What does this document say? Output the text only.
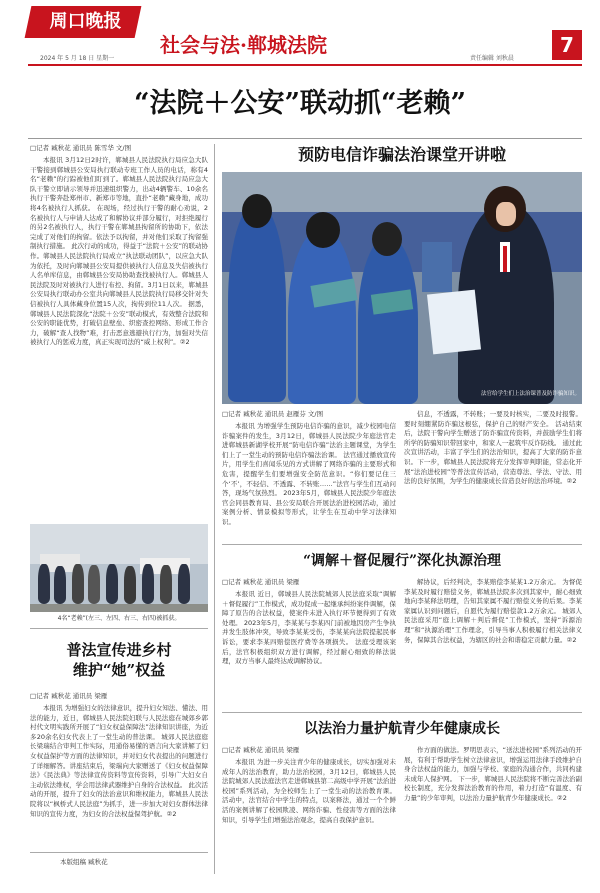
周口晚报
社会与法·郸城法院	7
2024 年 5 月 18 日 星期一	责任编辑 刘秋晨
“法院＋公安”联动抓“老赖”
□记者 臧秋花 通讯员 陈雪华 文/图

本报讯 3月12日2时许，郸城县人民法院执行局应急大队干警接到郸城县公安局执行联动专班工作人员的电话，称有4名“老赖”的行踪被他们盯到了。郸城县人民法院执行局应急大队干警立即请示领导并迅速组织警力，出动4辆警车、10余名执行干警奔赴郑州市、新郑市等地，直扑“老赖”藏身地，成功将4名被执行人抓获。 在现场，经过执行干警的耐心劝说，2名被执行人与申请人达成了和解协议并部分履行，对拒绝履行的另2名被执行人，执行干警在郸城县拘留所的协助下，依法完成了对他们的拘留。依法予以拘留，并对他们采取了拘留强制执行措施。 此次行动的成功，得益于“法院＋公安”的联动协作。郸城县人民法院执行局成立“执法联动团队”，以应急大队为依托，及时向郸城县公安局提供被执行人信息及失信被执行人名单库信息，由郸城县公安局协助查找被执行人。郸城县人民法院及时对被执行人进行布控、拘留。3月1日以来，郸城县公安局执行联动办公室共向郸城县人民法院执行局移交针对失信被执行人具体藏身位置15人次，拘传到位11人次。 据悉，郸城县人民法院深化“法院＋公安”联动模式，有效整合法院和公安的职能优势，打破信息壁垒、织密查控网络、形成工作合力，破解“查人找物”难，打击恶意逃避执行行为，加强对失信被执行人的惩戒力度，真正实现司法的“威上权利”。②2

4名“老赖”(左三、左四、右三、右四)被抓获。
普法宣传进乡村
维护“她”权益
□记者 臧秋花 通讯员 梁雁

本报讯 为增强妇女的法律意识，提升妇女知法、懂法、用法的能力，近日，郸城县人民法院妇联与人民法庭在城郊乡郭村代文明实践所开展了“妇女权益保障法”法律知识讲座，为近多20余名妇女代表上了一堂生动的普法课。 城郊人民法庭庭长梁瑞结合审判工作实际，用通俗易懂的语言向大家讲解了妇女权益保护等方面的法律知识，并对妇女代表提出的问题进行了详细解答。讲座结束后，梁瑞向大家赠送了《妇女权益保障法》《民法典》等法律宣传资料等宣传资料，引导广大妇女自主动依法维权，学会用法律武器维护自身的合法权益。 此次活动的开展，提升了妇女的法治意识和维权能力，郸城县人民法院将以“枫桥式人民法庭”为抓手，进一步加大对妇女群体法律知识的宣传力度，为妇女的合法权益保驾护航。②2

本版组稿 臧秋花
预防电信诈骗法治课堂开讲啦
法官给学生们上法治课普及防诈骗知识。
□记者 臧秋花 通讯员 赵雁芬 文/图

本报讯 为增强学生预防电信诈骗的意识，减少校园电信诈骗案件的发生，3月12日，郸城县人民法院少年庭法官走进郸城县新湖学校开展“防电信诈骗”法治主题课堂，为学生们上了一堂生动的预防电信诈骗法治课。 法官通过播放宣传片，用学生们喜闻乐见的方式讲解了网络诈骗的主要形式和危害，提醒学生们要增强安全防范意识。“你们要记住三个‘不’，不轻信、不透露、不转账……”法官与学生们互动问答，现场气氛热烈。 2023年5月，郸城县人民法院少年庭法官会同县教育局、县公安局联合开展法治进校园活动，通过案例分析、情景模拟等形式，让学生在互动中学习法律知识。

信息，不透露，不转账；一要及时核实，二要及时报警。要时刻绷紧防诈骗这根弦，保护自己的财产安全。 活动结束后，法院干警向学生赠送了防诈骗宣传资料，并鼓励学生们将所学的防骗知识带回家中，和家人一起筑牢反诈防线。 通过此次宣讲活动，丰富了学生们的法治知识，提高了大家的防诈意识。下一步，郸城县人民法院将充分发挥审判职能，常态化开展“法治进校园”等普法宣传活动，营造尊法、学法、守法、用法的良好氛围，为学生的健康成长营造良好的法治环境。②2

“调解＋督促履行”深化执源治理
□记者 臧秋花 通讯员 梁雁

本报讯 近日，郸城县人民法院城郊人民法庭采取“调解＋督促履行”工作模式，成功促成一起继承纠纷案件调解，保障了原告的合法权益，使案件未进入执行环节便得到了有效处理。 2023年5月，李某某与李某四门前被地因房产生争执并发生肢体冲突，导致李某某受伤，李某某向法院提起民事诉讼，要求李某四赔偿医疗费等各项损失。 法庭受理该案后，法官积极组织双方进行调解，经过耐心细致的释法说理，双方当事人最终达成调解协议。

解协议，后经判决，李某赔偿李某某1.2万余元。 为督促李某及时履行赔偿义务，郸城县法院多次到其家中，耐心细致地向李某释法明理，告知其家属不履行赔偿义务的后果。李某家属认识到问题后，自愿代为履行赔偿款1.2万余元。 城郊人民法庭采用“庭上调解＋判后督促”工作模式，坚持“诉源治理”和“执源治理”工作理念，引导当事人积极履行相关法律义务，保障其合法权益，为辖区的社会和谐稳定贡献力量。②2

以法治力量护航青少年健康成长
□记者 臧秋花 通讯员 梁雁

本报讯 为进一步关注青少年的健康成长，切实加强对未成年人的法治教育，助力法治校园，3月12日，郸城县人民法院城郊人民法庭法官走进郸城县第二高级中学开展“法治进校园”系列活动，为全校师生上了一堂生动的法治教育课。 活动中，法官结合中学生的特点，以案释法，通过一个个鲜活的案例讲解了校园欺凌、网络诈骗、性侵害等方面的法律知识，引导学生们增强法治观念，提高自我保护意识。

作方面的做法。罗明思表示，“送法进校园”系列活动的开展，有利于帮助学生树立法律意识，增强运用法律手段维护自身合法权益的能力，加强与学校、家庭的沟通合作，共同构建未成年人保护网。 下一步，郸城县人民法院将不断完善法治副校长制度，充分发挥法治教育的作用，着力打造“有温度、有力量”的少年审判，以法治力量护航青少年健康成长。②2
